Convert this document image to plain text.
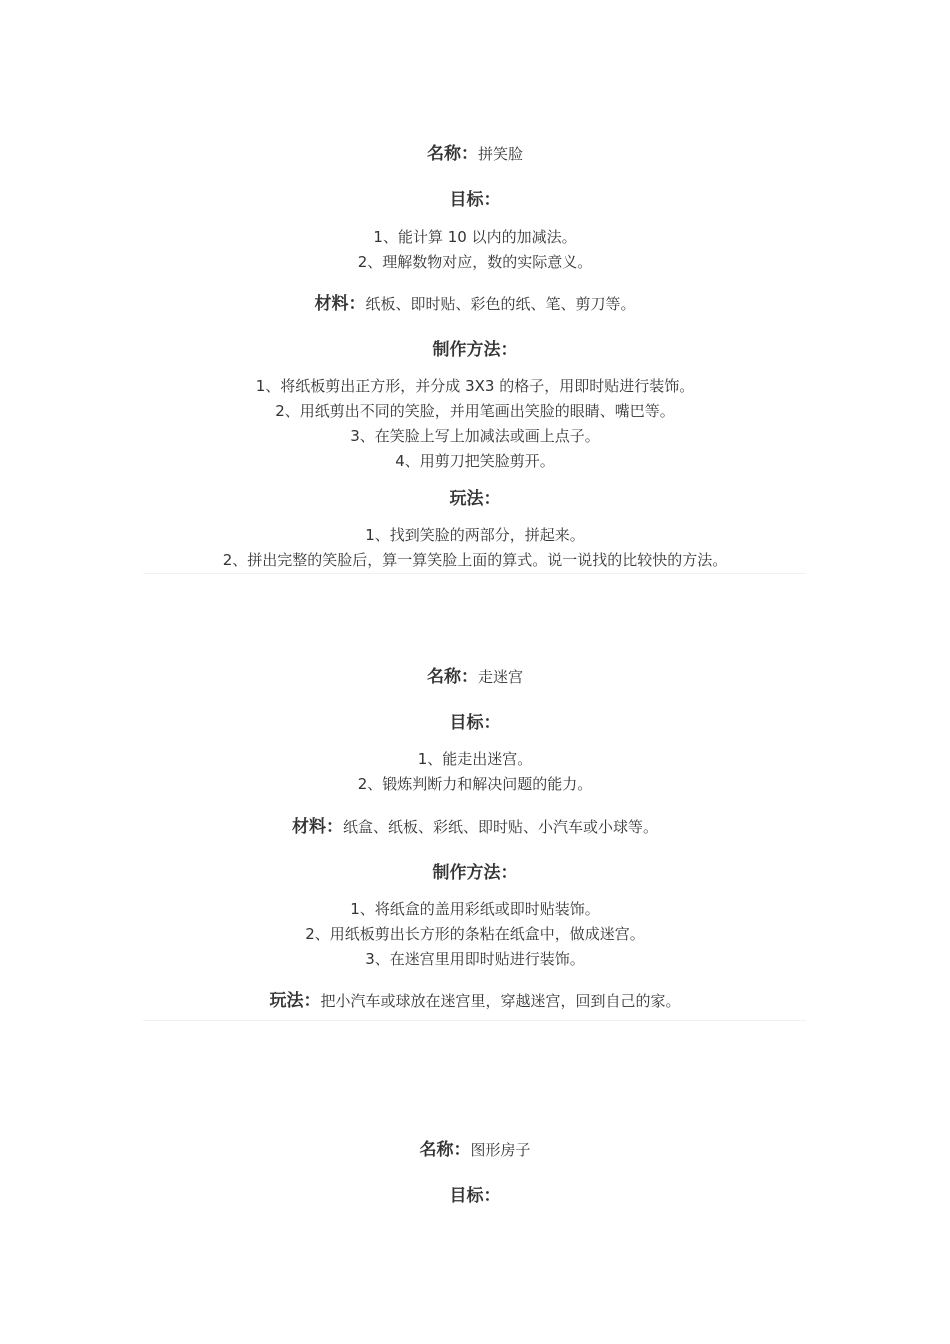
名称：拼笑脸
目标：
1、能计算 10 以内的加减法。
2、理解数物对应，数的实际意义。
材料：纸板、即时贴、彩色的纸、笔、剪刀等。
制作方法：
1、将纸板剪出正方形，并分成 3X3 的格子，用即时贴进行装饰。
2、用纸剪出不同的笑脸，并用笔画出笑脸的眼睛、嘴巴等。
3、在笑脸上写上加减法或画上点子。
4、用剪刀把笑脸剪开。
玩法：
1、找到笑脸的两部分，拼起来。
2、拼出完整的笑脸后，算一算笑脸上面的算式。说一说找的比较快的方法。
名称：走迷宫
目标：
1、能走出迷宫。
2、锻炼判断力和解决问题的能力。
材料：纸盒、纸板、彩纸、即时贴、小汽车或小球等。
制作方法：
1、将纸盒的盖用彩纸或即时贴装饰。
2、用纸板剪出长方形的条粘在纸盒中，做成迷宫。
3、在迷宫里用即时贴进行装饰。
玩法：把小汽车或球放在迷宫里，穿越迷宫，回到自己的家。
名称：图形房子
目标：
